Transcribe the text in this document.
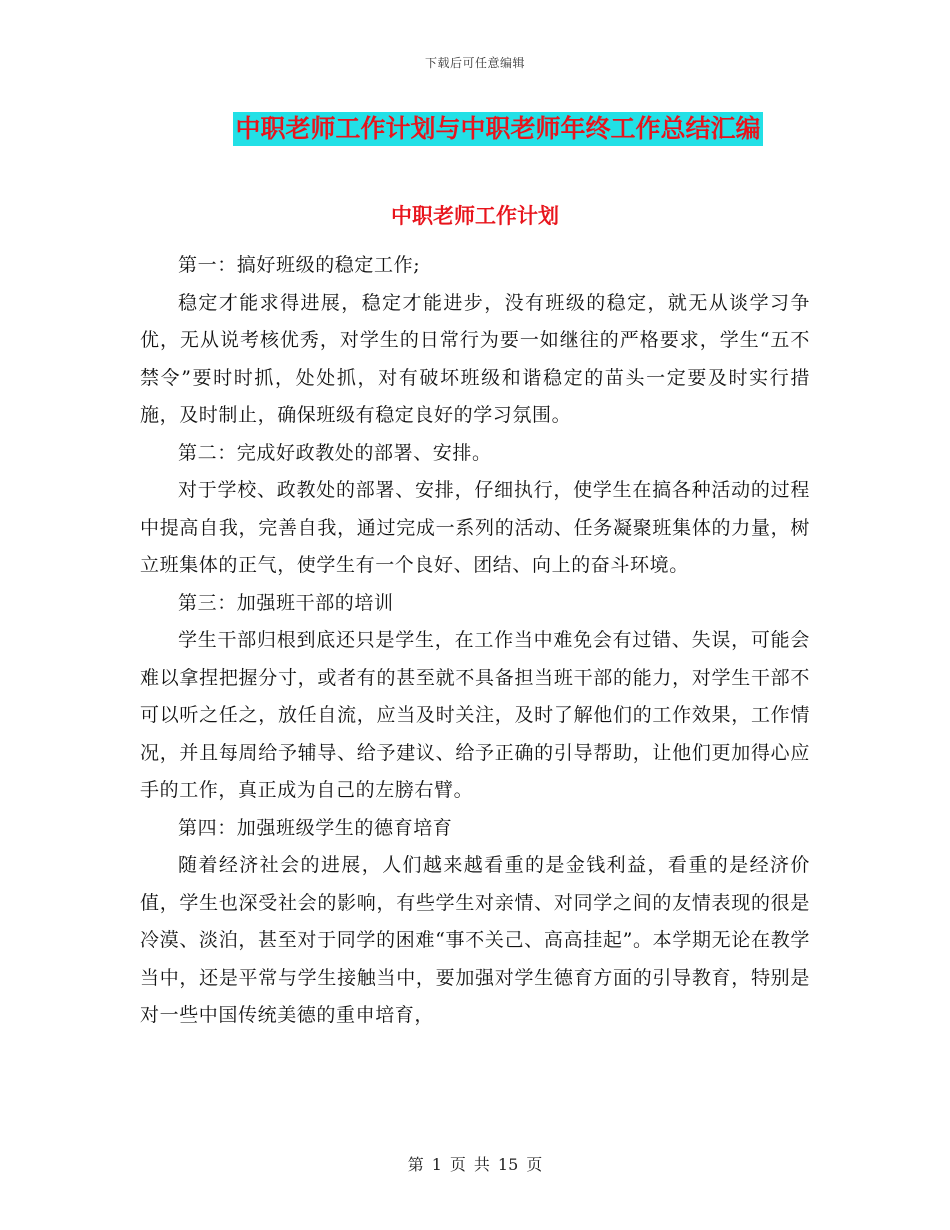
下载后可任意编辑
中职老师工作计划与中职老师年终工作总结汇编
中职老师工作计划

第一：搞好班级的稳定工作;

稳定才能求得进展，稳定才能进步，没有班级的稳定，就无从谈学习争优，无从说考核优秀，对学生的日常行为要一如继往的严格要求，学生“五不禁令”要时时抓，处处抓，对有破坏班级和谐稳定的苗头一定要及时实行措施，及时制止，确保班级有稳定良好的学习氛围。

第二：完成好政教处的部署、安排。

对于学校、政教处的部署、安排，仔细执行，使学生在搞各种活动的过程中提高自我，完善自我，通过完成一系列的活动、任务凝聚班集体的力量，树立班集体的正气，使学生有一个良好、团结、向上的奋斗环境。

第三：加强班干部的培训

学生干部归根到底还只是学生，在工作当中难免会有过错、失误，可能会难以拿捏把握分寸，或者有的甚至就不具备担当班干部的能力，对学生干部不可以听之任之，放任自流，应当及时关注，及时了解他们的工作效果，工作情况，并且每周给予辅导、给予建议、给予正确的引导帮助，让他们更加得心应手的工作，真正成为自己的左膀右臂。

第四：加强班级学生的德育培育

随着经济社会的进展，人们越来越看重的是金钱利益，看重的是经济价值，学生也深受社会的影响，有些学生对亲情、对同学之间的友情表现的很是冷漠、淡泊，甚至对于同学的困难“事不关己、高高挂起”。本学期无论在教学当中，还是平常与学生接触当中，要加强对学生德育方面的引导教育，特别是对一些中国传统美德的重申培育，

第 1 页 共 15 页
